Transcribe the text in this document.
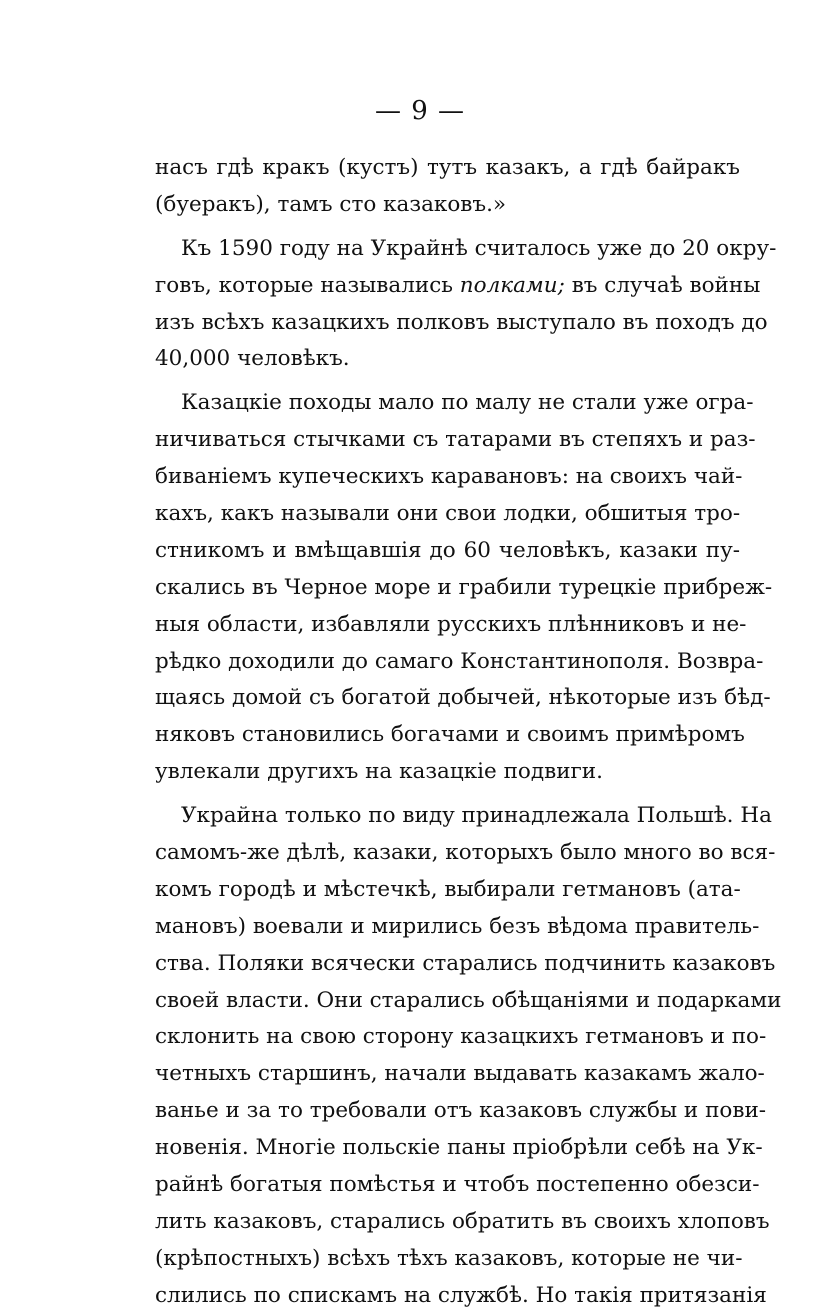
— 9 —
насъ гдѣ кракъ (кустъ) тутъ казакъ, а гдѣ байракъ
(буеракъ), тамъ сто казаковъ.»
Къ 1590 году на Украйнѣ считалось уже до 20 окру-
говъ, которые назывались полками; въ случаѣ войны
изъ всѣхъ казацкихъ полковъ выступало въ походъ до
40,000 человѣкъ.
Казацкіе походы мало по малу не стали уже огра-
ничиваться стычками съ татарами въ степяхъ и раз-
биваніемъ купеческихъ каравановъ: на своихъ чай-
кахъ, какъ называли они свои лодки, обшитыя тро-
стникомъ и вмѣщавшія до 60 человѣкъ, казаки пу-
скались въ Черное море и грабили турецкіе прибреж-
ныя области, избавляли русскихъ плѣнниковъ и не-
рѣдко доходили до самаго Константинополя. Возвра-
щаясь домой съ богатой добычей, нѣкоторые изъ бѣд-
няковъ становились богачами и своимъ примѣромъ
увлекали другихъ на казацкіе подвиги.
Украйна только по виду принадлежала Польшѣ. На
самомъ-же дѣлѣ, казаки, которыхъ было много во вся-
комъ городѣ и мѣстечкѣ, выбирали гетмановъ (ата-
мановъ) воевали и мирились безъ вѣдома правитель-
ства. Поляки всячески старались подчинить казаковъ
своей власти. Они старались обѣщаніями и подарками
склонить на свою сторону казацкихъ гетмановъ и по-
четныхъ старшинъ, начали выдавать казакамъ жало-
ванье и за то требовали отъ казаковъ службы и пови-
новенія. Многіе польскіе паны пріобрѣли себѣ на Ук-
райнѣ богатыя помѣстья и чтобъ постепенно обезси-
лить казаковъ, старались обратить въ своихъ хлоповъ
(крѣпостныхъ) всѣхъ тѣхъ казаковъ, которые не чи-
слились по спискамъ на службѣ. Но такія притязанія
